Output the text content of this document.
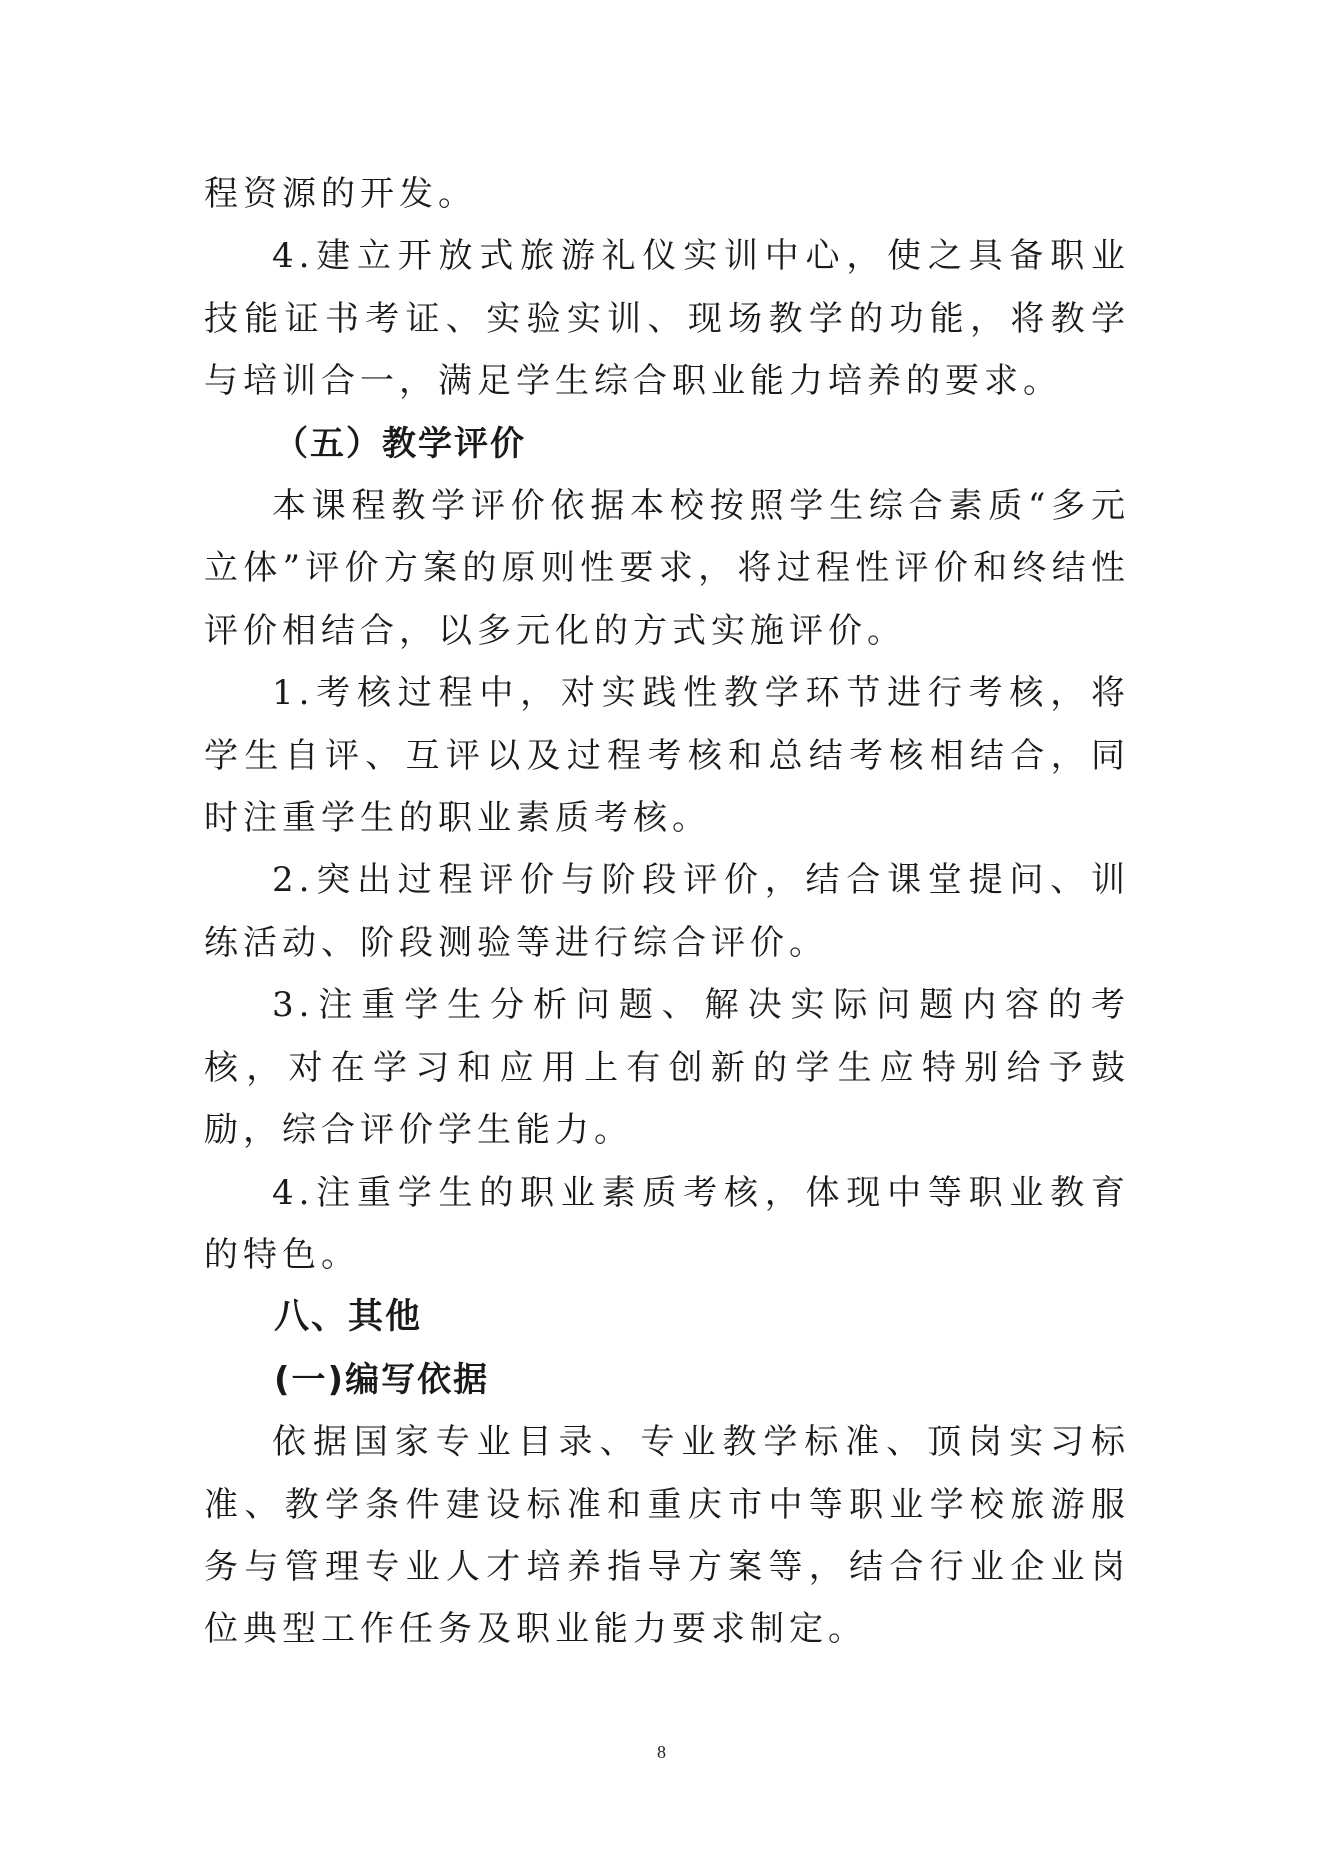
程资源的开发。

4.建立开放式旅游礼仪实训中心，使之具备职业技能证书考证、实验实训、现场教学的功能，将教学与培训合一，满足学生综合职业能力培养的要求。

（五）教学评价

本课程教学评价依据本校按照学生综合素质“多元立体”评价方案的原则性要求，将过程性评价和终结性评价相结合，以多元化的方式实施评价。

1.考核过程中，对实践性教学环节进行考核，将学生自评、互评以及过程考核和总结考核相结合，同时注重学生的职业素质考核。

2.突出过程评价与阶段评价，结合课堂提问、训练活动、阶段测验等进行综合评价。

3.注重学生分析问题、解决实际问题内容的考核，对在学习和应用上有创新的学生应特别给予鼓励，综合评价学生能力。

4.注重学生的职业素质考核，体现中等职业教育的特色。

八、其他
(一)编写依据

依据国家专业目录、专业教学标准、顶岗实习标准、教学条件建设标准和重庆市中等职业学校旅游服务与管理专业人才培养指导方案等，结合行业企业岗位典型工作任务及职业能力要求制定。

8
